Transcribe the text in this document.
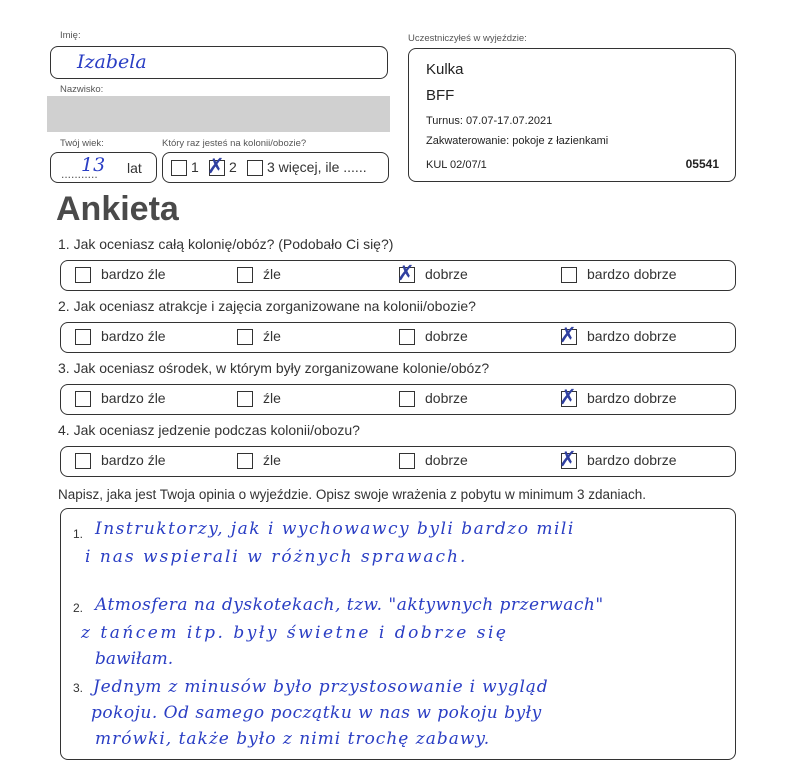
Imię:
Izabela
Nazwisko:
Twój wiek:	Który raz jesteś na kolonii/obozie?
...........
13 lat	1 ✗ 2 3 więcej, ile ......
Uczestniczyłeś w wyjeździe:
Kulka
BFF
Turnus: 07.07-17.07.2021
Zakwaterowanie: pokoje z łazienkami
KUL 02/07/1	05541
Ankieta
1. Jak oceniasz całą kolonię/obóz? (Podobało Ci się?)
bardzo źle	źle	✗ dobrze	bardzo dobrze
2. Jak oceniasz atrakcje i zajęcia zorganizowane na kolonii/obozie?
bardzo źle	źle	dobrze	✗ bardzo dobrze
3. Jak oceniasz ośrodek, w którym były zorganizowane kolonie/obóz?
bardzo źle	źle	dobrze	✗ bardzo dobrze
4. Jak oceniasz jedzenie podczas kolonii/obozu?
bardzo źle	źle	dobrze	✗ bardzo dobrze
Napisz, jaka jest Twoja opinia o wyjeździe. Opisz swoje wrażenia z pobytu w minimum 3 zdaniach.
1.
2.
3.
Instruktorzy, jak i wychowawcy byli bardzo mili
i nas wspierali w różnych sprawach.
Atmosfera na dyskotekach, tzw. "aktywnych przerwach"
z tańcem itp. były świetne i dobrze się
bawiłam.
Jednym z minusów było przystosowanie i wygląd
pokoju. Od samego początku w nas w pokoju były
mrówki, także było z nimi trochę zabawy.
